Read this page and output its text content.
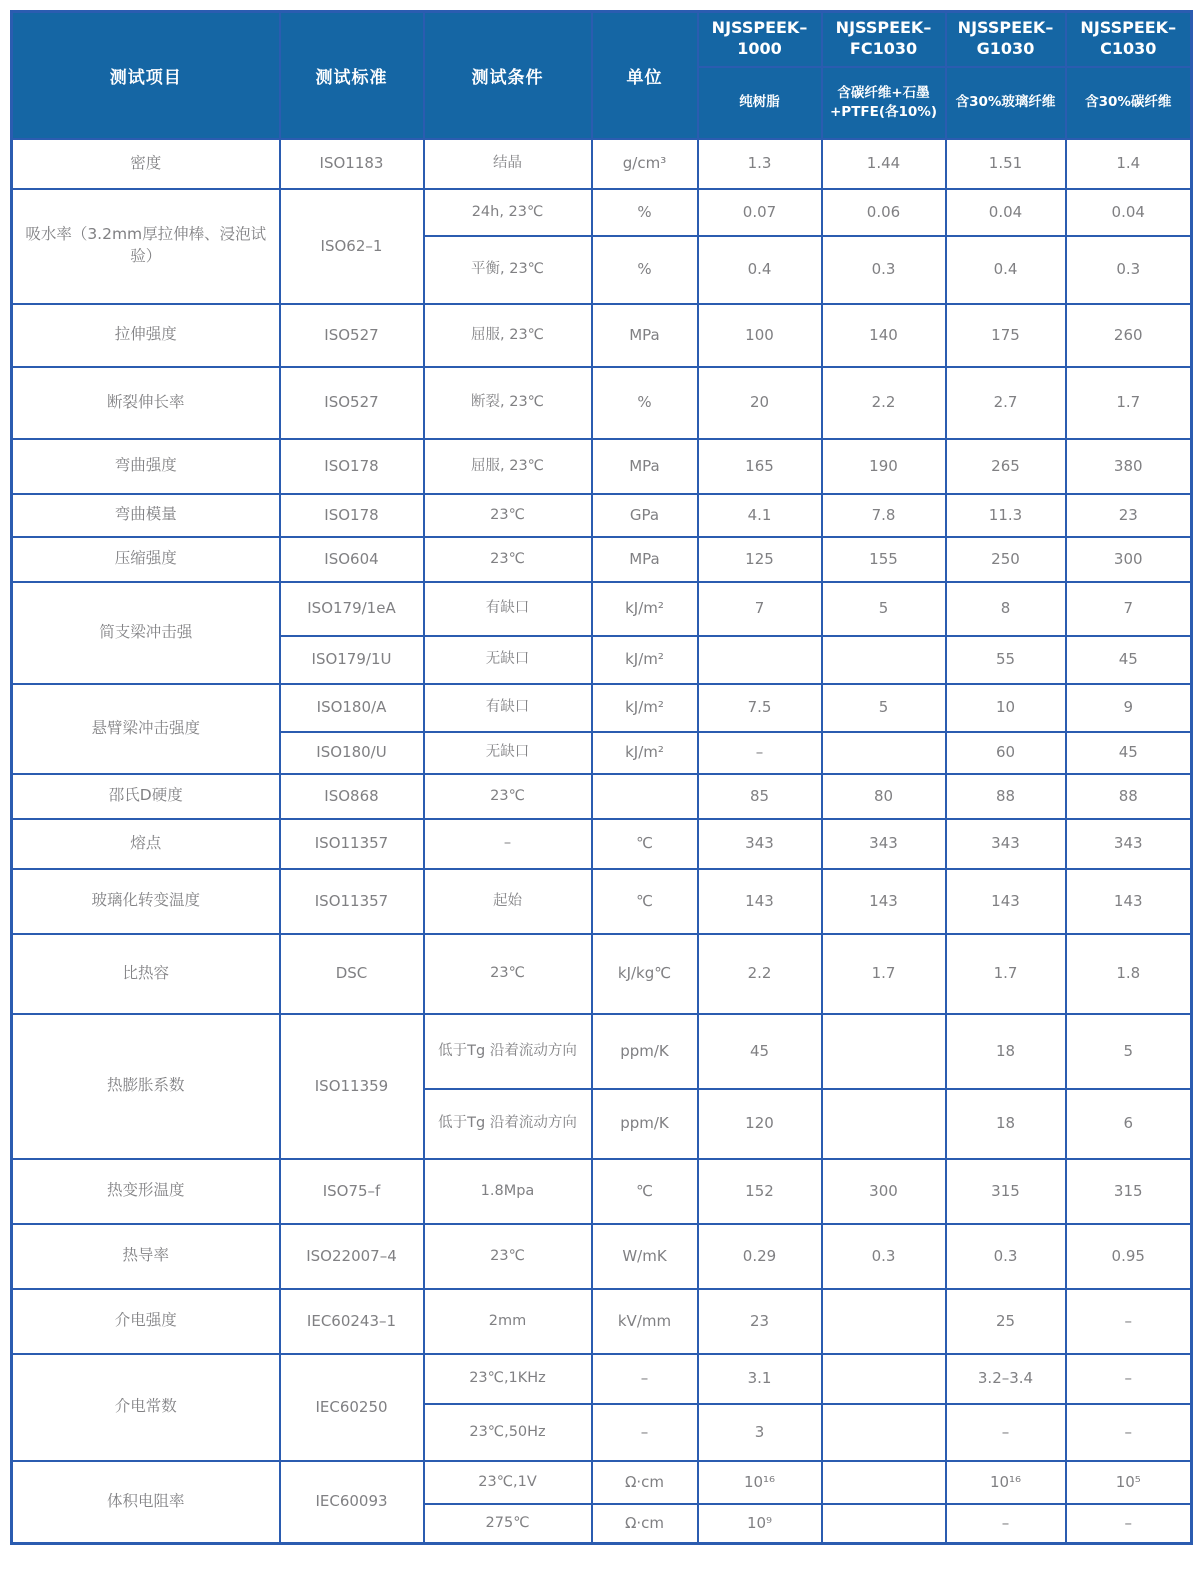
测试项目	测试标准	测试条件	单位	NJSSPEEK–1000	NJSSPEEK–FC1030	NJSSPEEK–G1030	NJSSPEEK–C1030
				纯树脂	含碳纤维+石墨+PTFE(各10%)	含30%玻璃纤维	含30%碳纤维
密度	ISO1183	结晶	g/cm³	1.3	1.44	1.51	1.4
吸水率（3.2mm厚拉伸棒、浸泡试验）	ISO62–1	24h, 23℃	%	0.07	0.06	0.04	0.04
		平衡, 23℃	%	0.4	0.3	0.4	0.3
拉伸强度	ISO527	屈服, 23℃	MPa	100	140	175	260
断裂伸长率	ISO527	断裂, 23℃	%	20	2.2	2.7	1.7
弯曲强度	ISO178	屈服, 23℃	MPa	165	190	265	380
弯曲模量	ISO178	23℃	GPa	4.1	7.8	11.3	23
压缩强度	ISO604	23℃	MPa	125	155	250	300
简支梁冲击强	ISO179/1eA	有缺口	kJ/m²	7	5	8	7
	ISO179/1U	无缺口	kJ/m²			55	45
悬臂梁冲击强度	ISO180/A	有缺口	kJ/m²	7.5	5	10	9
	ISO180/U	无缺口	kJ/m²	–		60	45
邵氏D硬度	ISO868	23℃		85	80	88	88
熔点	ISO11357	–	℃	343	343	343	343
玻璃化转变温度	ISO11357	起始	℃	143	143	143	143
比热容	DSC	23℃	kJ/kg℃	2.2	1.7	1.7	1.8
热膨胀系数	ISO11359	低于Tg 沿着流动方向	ppm/K	45		18	5
		低于Tg 沿着流动方向	ppm/K	120		18	6
热变形温度	ISO75–f	1.8Mpa	℃	152	300	315	315
热导率	ISO22007–4	23℃	W/mK	0.29	0.3	0.3	0.95
介电强度	IEC60243–1	2mm	kV/mm	23		25	–
介电常数	IEC60250	23℃,1KHz	–	3.1		3.2–3.4	–
		23℃,50Hz	–	3		–	–
体积电阻率	IEC60093	23℃,1V	Ω·cm	10¹⁶		10¹⁶	10⁵
		275℃	Ω·cm	10⁹		–	–
